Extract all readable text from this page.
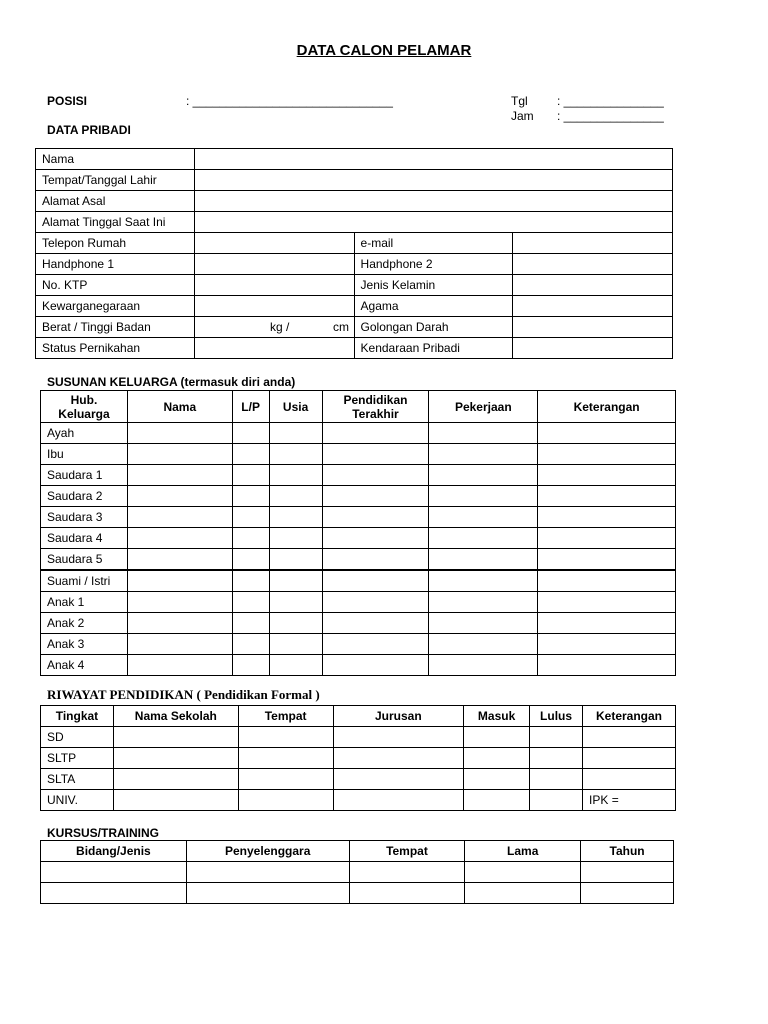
DATA CALON PELAMAR
POSISI	: ______________________________	Tgl : _______________
Jam : _______________
DATA PRIBADI
Nama			
Tempat/Tanggal Lahir			
Alamat Asal			
Alamat Tinggal Saat Ini			
Telepon Rumah		e-mail	
Handphone 1		Handphone 2	
No. KTP		Jenis Kelamin	
Kewarganegaraan		Agama	
Berat / Tinggi Badan	kg / cm	Golongan Darah	
Status Pernikahan		Kendaraan Pribadi	
SUSUNAN KELUARGA (termasuk diri anda)
Hub. Keluarga	Nama	L/P	Usia	Pendidikan Terakhir	Pekerjaan	Keterangan
Ayah						
Ibu						
Saudara 1						
Saudara 2						
Saudara 3						
Saudara 4						
Saudara 5						
Suami / Istri						
Anak 1						
Anak 2						
Anak 3						
Anak 4						
RIWAYAT PENDIDIKAN ( Pendidikan Formal )
Tingkat	Nama Sekolah	Tempat	Jurusan	Masuk	Lulus	Keterangan
SD						
SLTP						
SLTA						
UNIV.						IPK =
KURSUS/TRAINING
Bidang/Jenis	Penyelenggara	Tempat	Lama	Tahun
